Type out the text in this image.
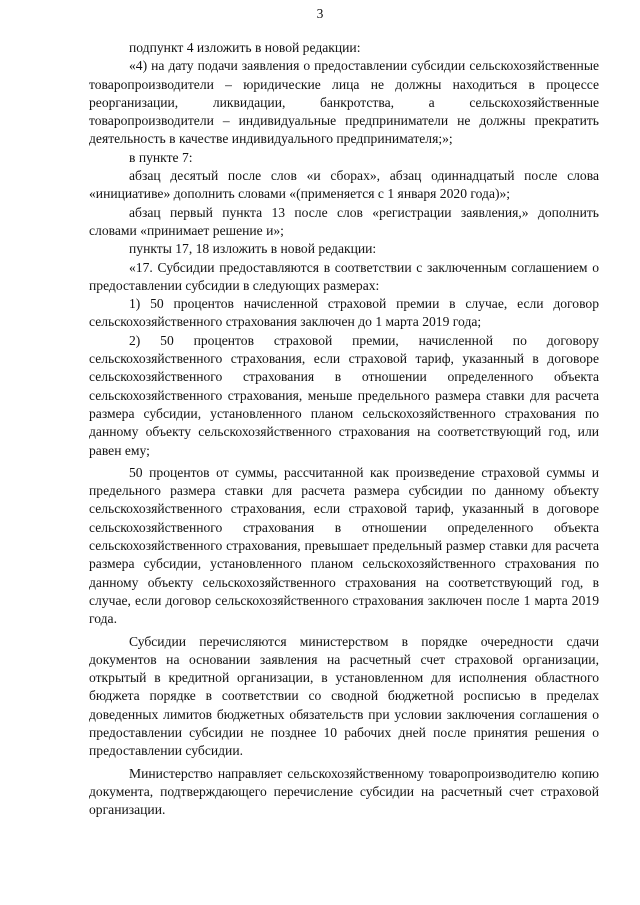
3

подпункт 4 изложить в новой редакции:

«4) на дату подачи заявления о предоставлении субсидии сельскохозяйственные товаропроизводители – юридические лица не должны находиться в процессе реорганизации, ликвидации, банкротства, а сельскохозяйственные товаропроизводители – индивидуальные предприниматели не должны прекратить деятельность в качестве индивидуального предпринимателя;»;

в пункте 7:

абзац десятый после слов «и сборах», абзац одиннадцатый после слова «инициативе» дополнить словами «(применяется с 1 января 2020 года)»;

абзац первый пункта 13 после слов «регистрации заявления,» дополнить словами «принимает решение и»;

пункты 17, 18 изложить в новой редакции:

«17. Субсидии предоставляются в соответствии с заключенным соглашением о предоставлении субсидии в следующих размерах:

1) 50 процентов начисленной страховой премии в случае, если договор сельскохозяйственного страхования заключен до 1 марта 2019 года;

2) 50 процентов страховой премии, начисленной по договору сельскохозяйственного страхования, если страховой тариф, указанный в договоре сельскохозяйственного страхования в отношении определенного объекта сельскохозяйственного страхования, меньше предельного размера ставки для расчета размера субсидии, установленного планом сельскохозяйственного страхования по данному объекту сельскохозяйственного страхования на соответствующий год, или равен ему;

50 процентов от суммы, рассчитанной как произведение страховой суммы и предельного размера ставки для расчета размера субсидии по данному объекту сельскохозяйственного страхования, если страховой тариф, указанный в договоре сельскохозяйственного страхования в отношении определенного объекта сельскохозяйственного страхования, превышает предельный размер ставки для расчета размера субсидии, установленного планом сельскохозяйственного страхования по данному объекту сельскохозяйственного страхования на соответствующий год, в случае, если договор сельскохозяйственного страхования заключен после 1 марта 2019 года.

Субсидии перечисляются министерством в порядке очередности сдачи документов на основании заявления на расчетный счет страховой организации, открытый в кредитной организации, в установленном для исполнения областного бюджета порядке в соответствии со сводной бюджетной росписью в пределах доведенных лимитов бюджетных обязательств при условии заключения соглашения о предоставлении субсидии не позднее 10 рабочих дней после принятия решения о предоставлении субсидии.

Министерство направляет сельскохозяйственному товаропроизводителю копию документа, подтверждающего перечисление субсидии на расчетный счет страховой организации.
